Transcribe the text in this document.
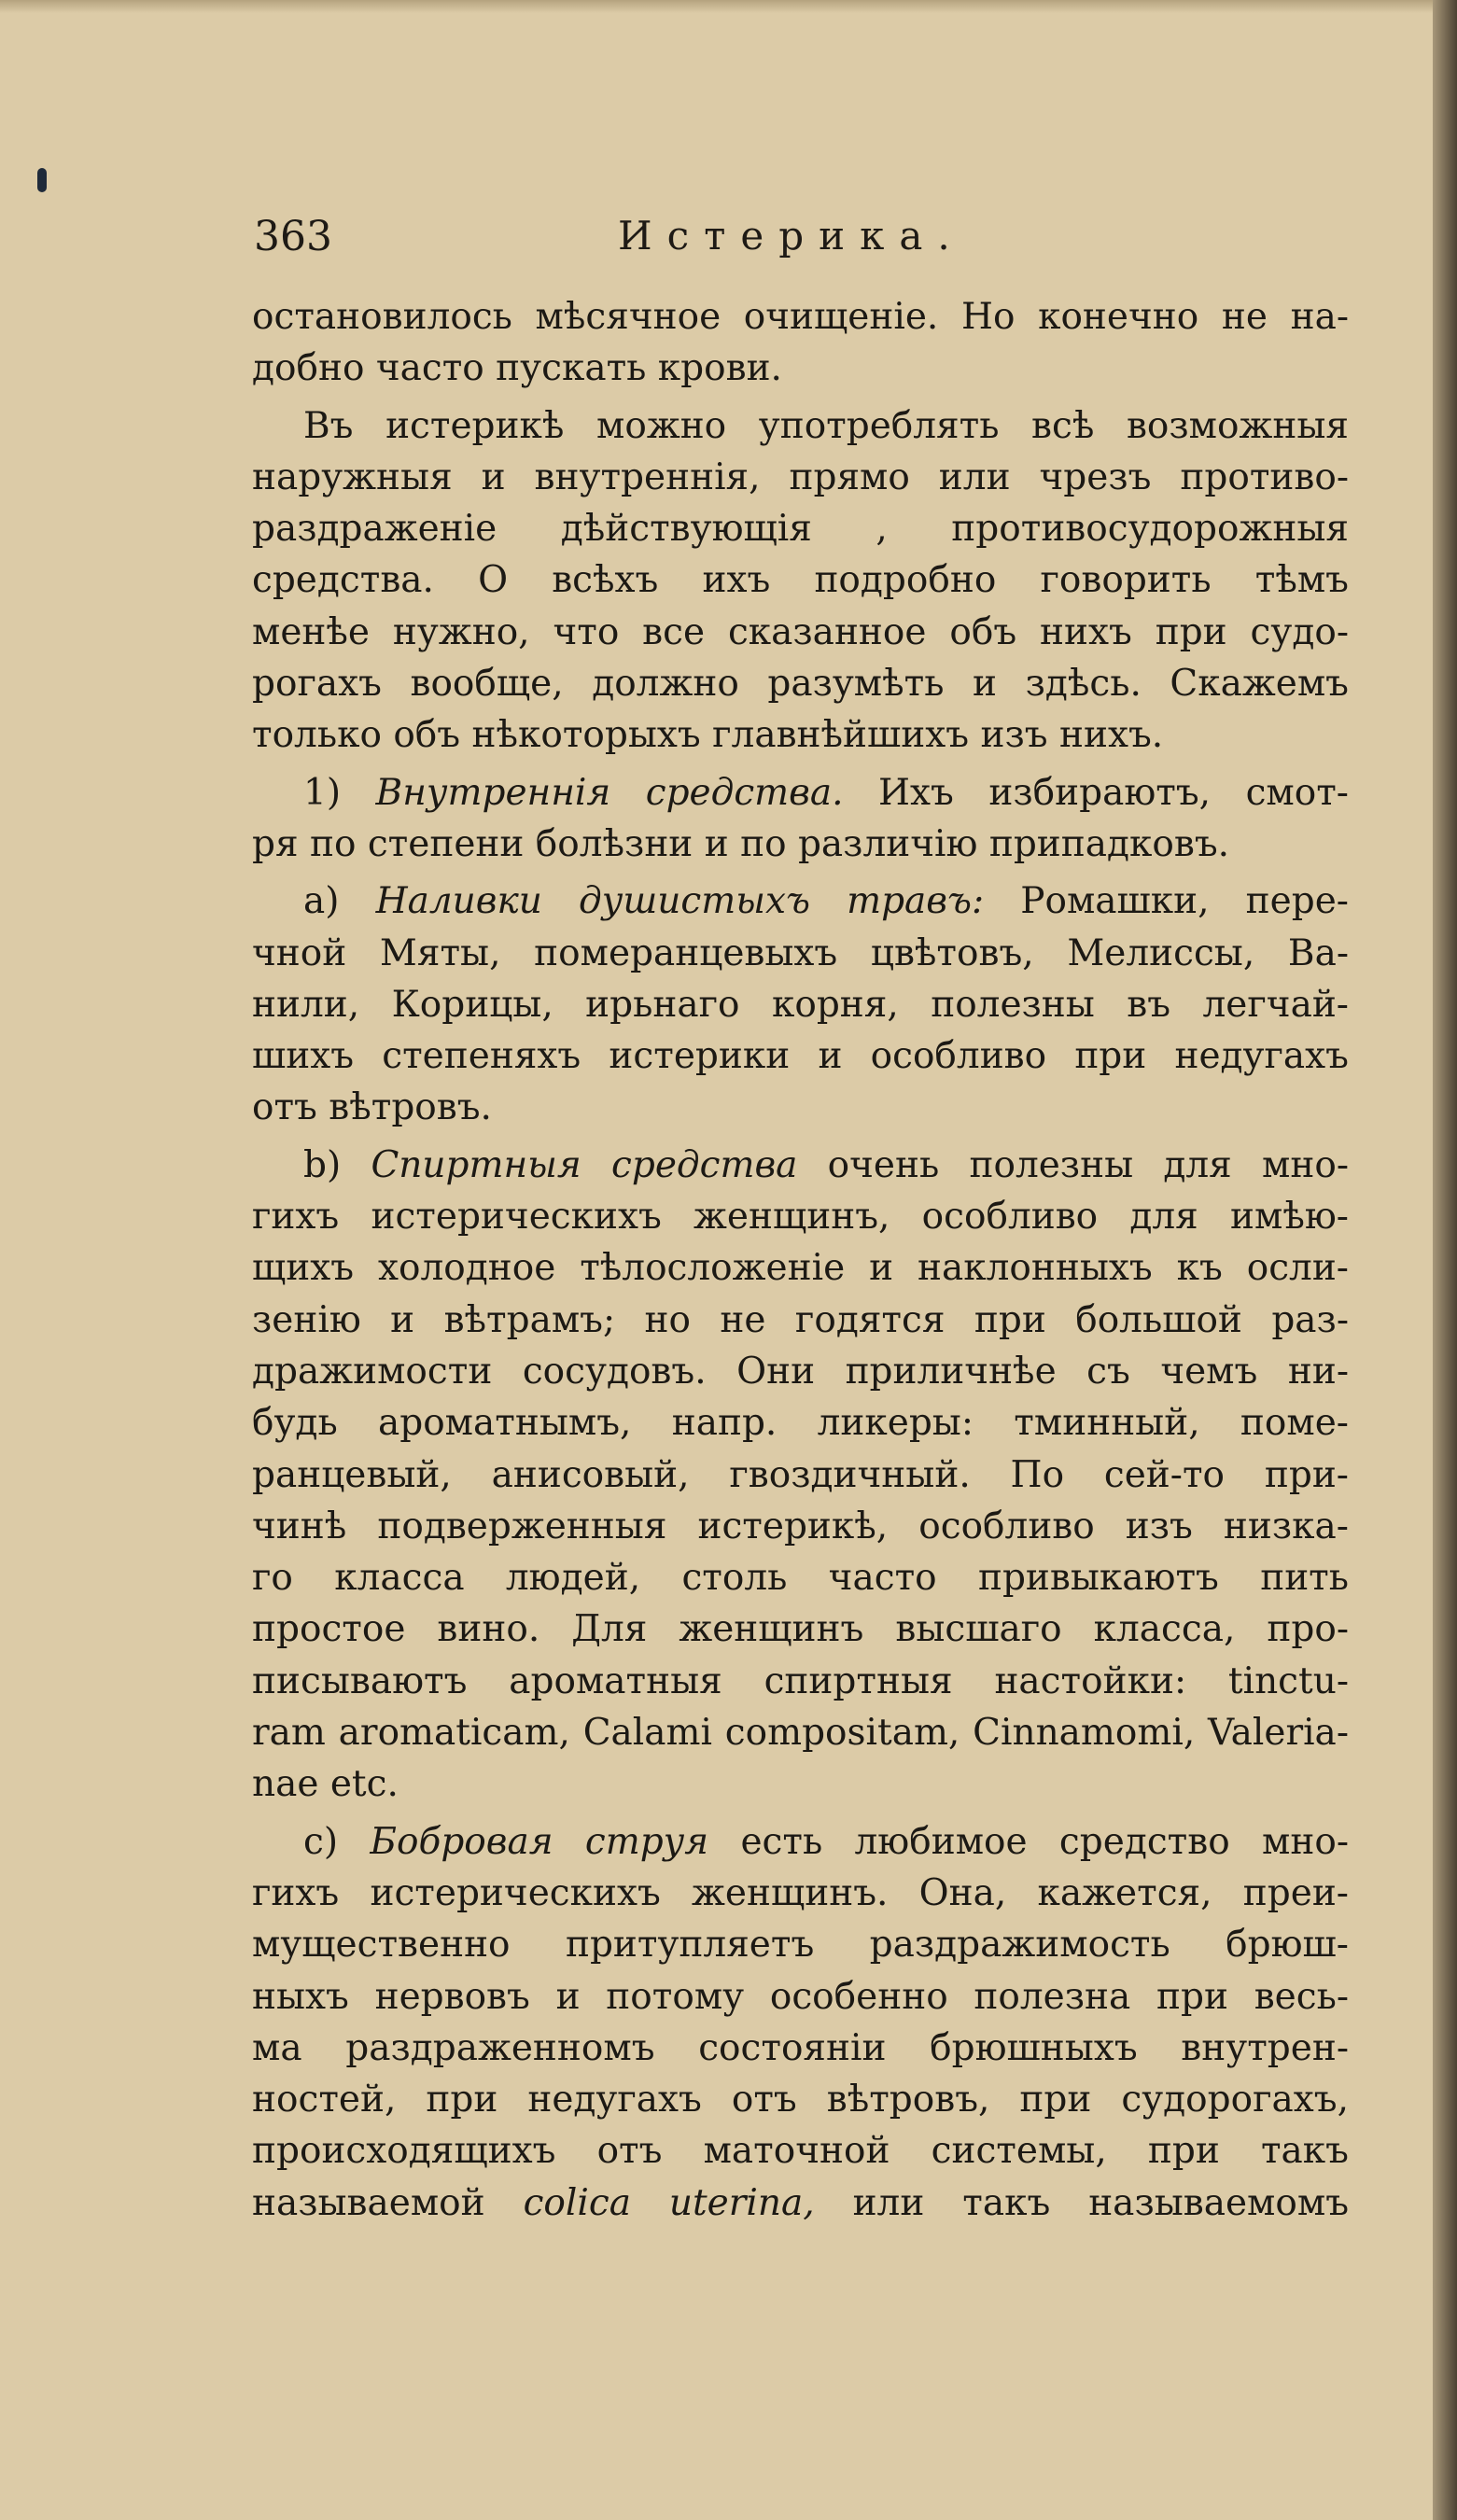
363	Истерика.
остановилось мѣсячное очищеніе. Но конечно не на-
добно часто пускать крови.
Въ истерикѣ можно употреблять всѣ возможныя
наружныя и внутреннія, прямо или чрезъ противо-
раздраженіе дѣйствующія , противосудорожныя
средства. О всѣхъ ихъ подробно говорить тѣмъ
менѣе нужно, что все сказанное объ нихъ при судо-
рогахъ вообще, должно разумѣть и здѣсь. Скажемъ
только объ нѣкоторыхъ главнѣйшихъ изъ нихъ.
1) Внутреннія средства. Ихъ избираютъ, смот-
ря по степени болѣзни и по различію припадковъ.
a) Наливки душистыхъ травъ: Ромашки, пере-
чной Мяты, померанцевыхъ цвѣтовъ, Мелиссы, Ва-
нили, Корицы, ирьнаго корня, полезны въ легчай-
шихъ степеняхъ истерики и особливо при недугахъ
отъ вѣтровъ.
b) Спиртныя средства очень полезны для мно-
гихъ истерическихъ женщинъ, особливо для имѣю-
щихъ холодное тѣлосложеніе и наклонныхъ къ осли-
зенію и вѣтрамъ; но не годятся при большой раз-
дражимости сосудовъ. Они приличнѣе съ чемъ ни-
будь ароматнымъ, напр. ликеры: тминный, поме-
ранцевый, анисовый, гвоздичный. По сей-то при-
чинѣ подверженныя истерикѣ, особливо изъ низка-
го класса людей, столь часто привыкаютъ пить
простое вино. Для женщинъ высшаго класса, про-
писываютъ ароматныя спиртныя настойки: tinctu-
ram aromaticam, Calami compositam, Cinnamomi, Valeria-
nae etc.
c) Бобровая струя есть любимое средство мно-
гихъ истерическихъ женщинъ. Она, кажется, преи-
мущественно притупляетъ раздражимость брюш-
ныхъ нервовъ и потому особенно полезна при весь-
ма раздраженномъ состояніи брюшныхъ внутрен-
ностей, при недугахъ отъ вѣтровъ, при судорогахъ,
происходящихъ отъ маточной системы, при такъ
называемой colica uterina, или такъ называемомъ
